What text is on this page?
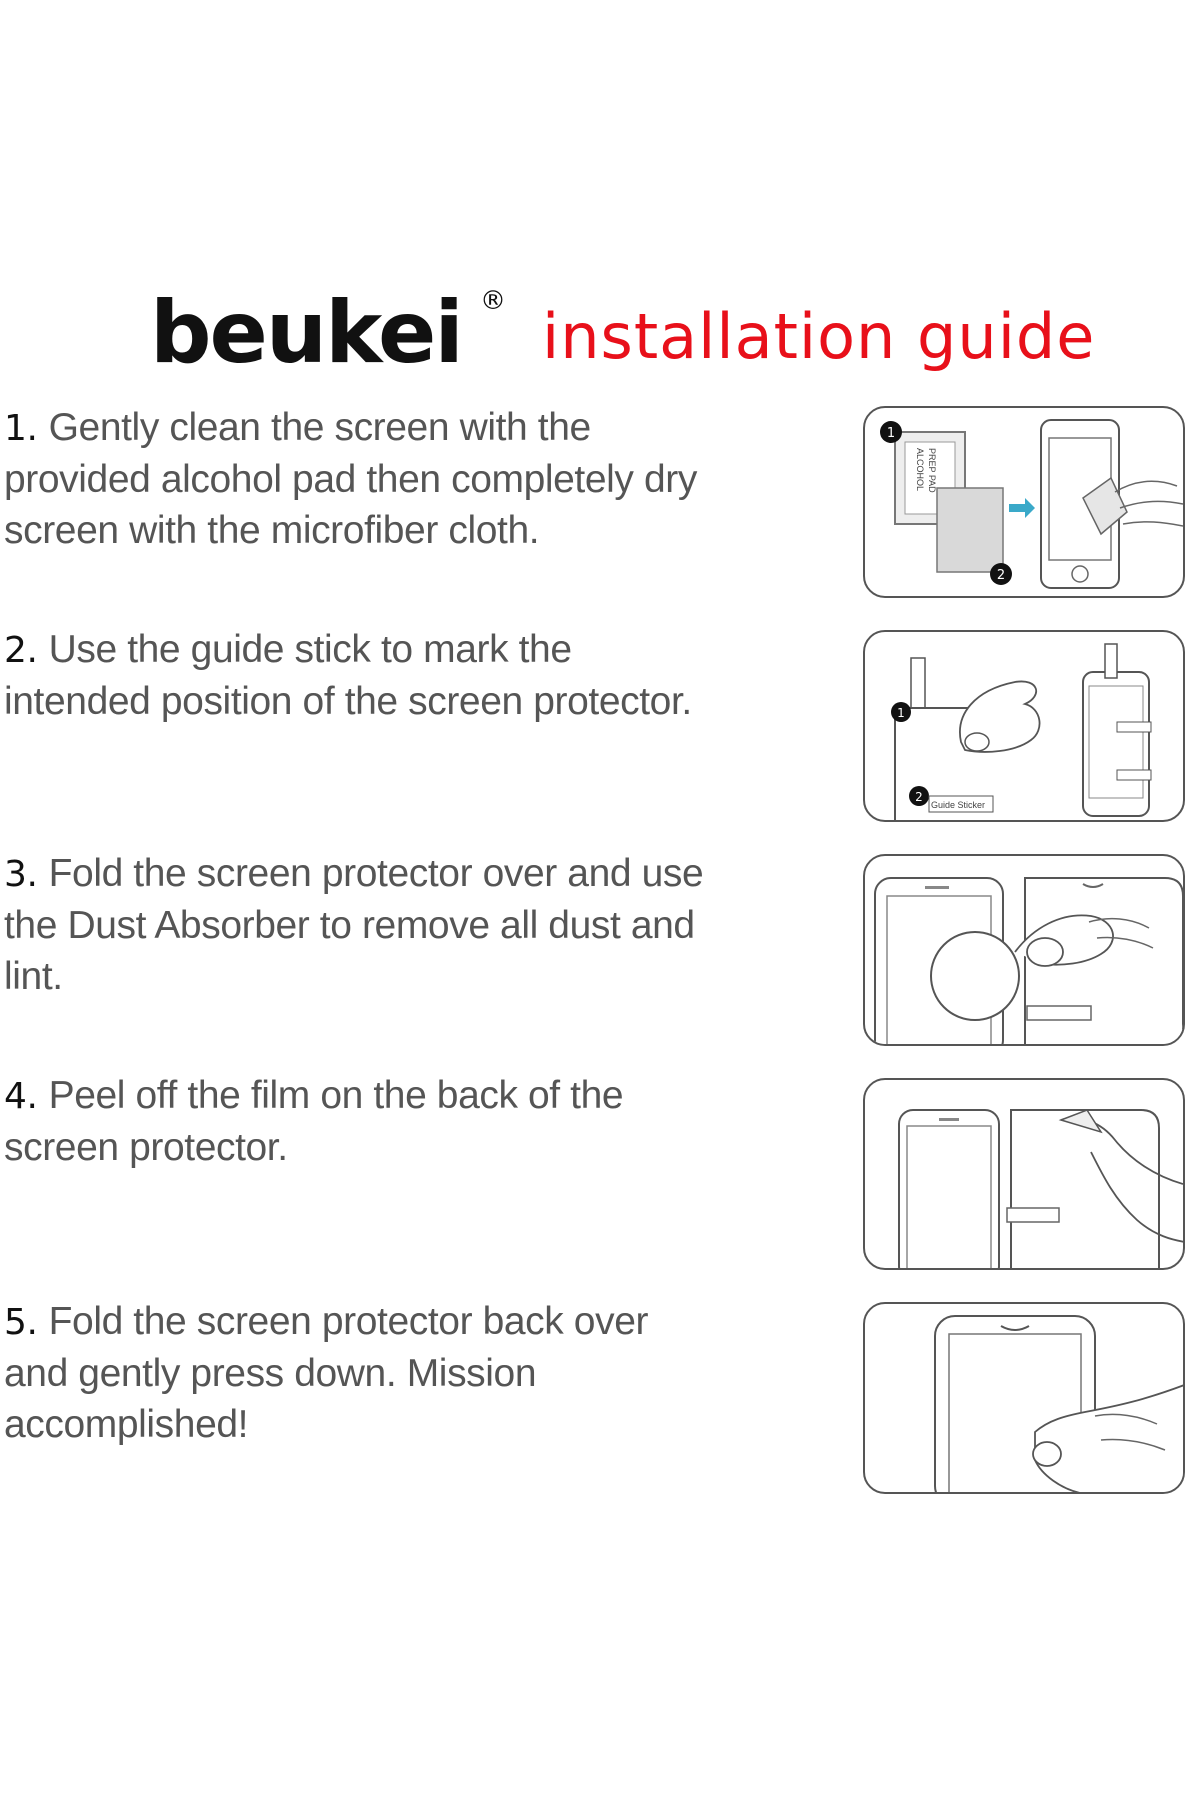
beukei ® installation guide
1. Gently clean the screen with the provided alcohol pad then completely dry screen with the microfiber cloth.
2. Use the guide stick to mark the intended position of the screen protector.
3. Fold the screen protector over and use the Dust Absorber to remove all dust and lint.
4. Peel off the film on the back of the screen protector.
5. Fold the screen protector back over and gently press down. Mission accomplished!
ALCOHOL PREP PAD
1
2
1
2
Guide Sticker
